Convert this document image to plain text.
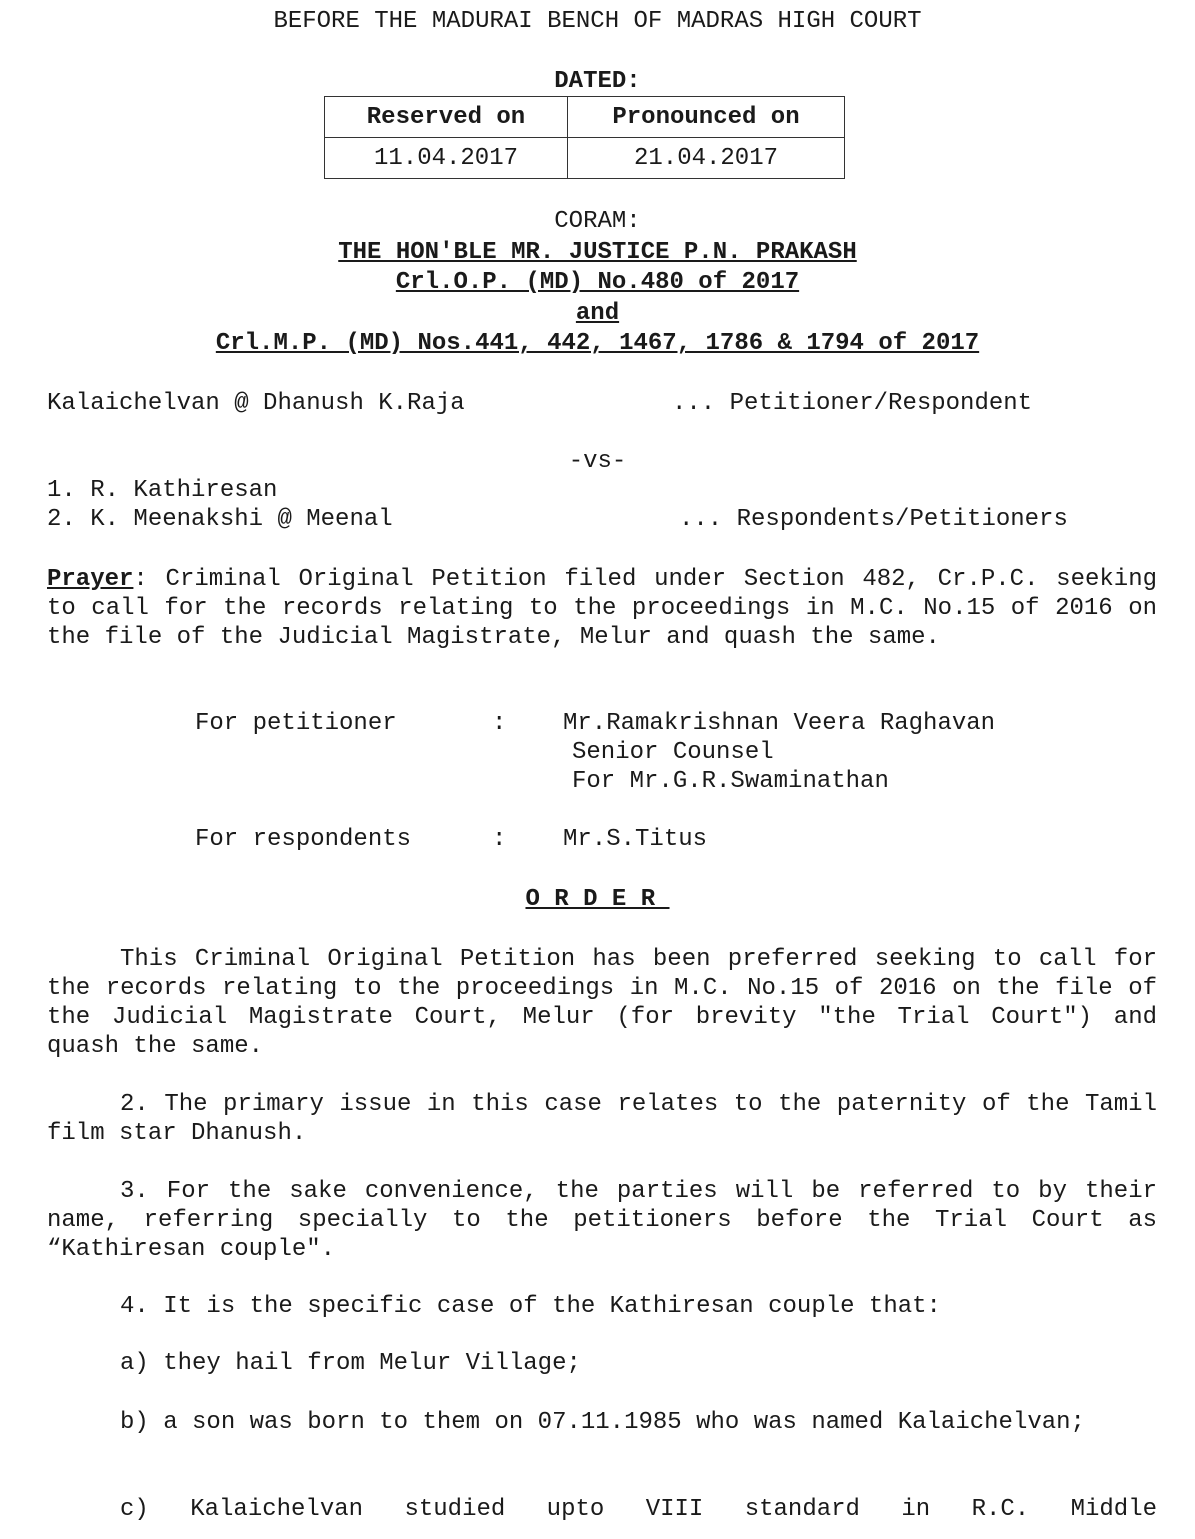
BEFORE THE MADURAI BENCH OF MADRAS HIGH COURT
DATED:
Reserved on	Pronounced on
11.04.2017	21.04.2017
CORAM:
THE HON'BLE MR. JUSTICE P.N. PRAKASH
Crl.O.P. (MD) No.480 of 2017
and
Crl.M.P. (MD) Nos.441, 442, 1467, 1786 & 1794 of 2017
Kalaichelvan @ Dhanush K.Raja	... Petitioner/Respondent
-vs-
1. R. Kathiresan
2. K. Meenakshi @ Meenal	... Respondents/Petitioners
Prayer: Criminal Original Petition filed under Section 482, Cr.P.C. seeking to call for the records relating to the proceedings in M.C. No.15 of 2016 on the file of the Judicial Magistrate, Melur and quash the same.
For petitioner	: Mr.Ramakrishnan Veera Raghavan
Senior Counsel
For Mr.G.R.Swaminathan
For respondents	: Mr.S.Titus
O R D E R
This Criminal Original Petition has been preferred seeking to call for the records relating to the proceedings in M.C. No.15 of 2016 on the file of the Judicial Magistrate Court, Melur (for brevity "the Trial Court") and quash the same.
2. The primary issue in this case relates to the paternity of the Tamil film star Dhanush.
3. For the sake convenience, the parties will be referred to by their name, referring specially to the petitioners before the Trial Court as “Kathiresan couple".
4. It is the specific case of the Kathiresan couple that:
a) they hail from Melur Village;
b) a son was born to them on 07.11.1985 who was named Kalaichelvan;
c) Kalaichelvan studied upto VIII standard in R.C. Middle
